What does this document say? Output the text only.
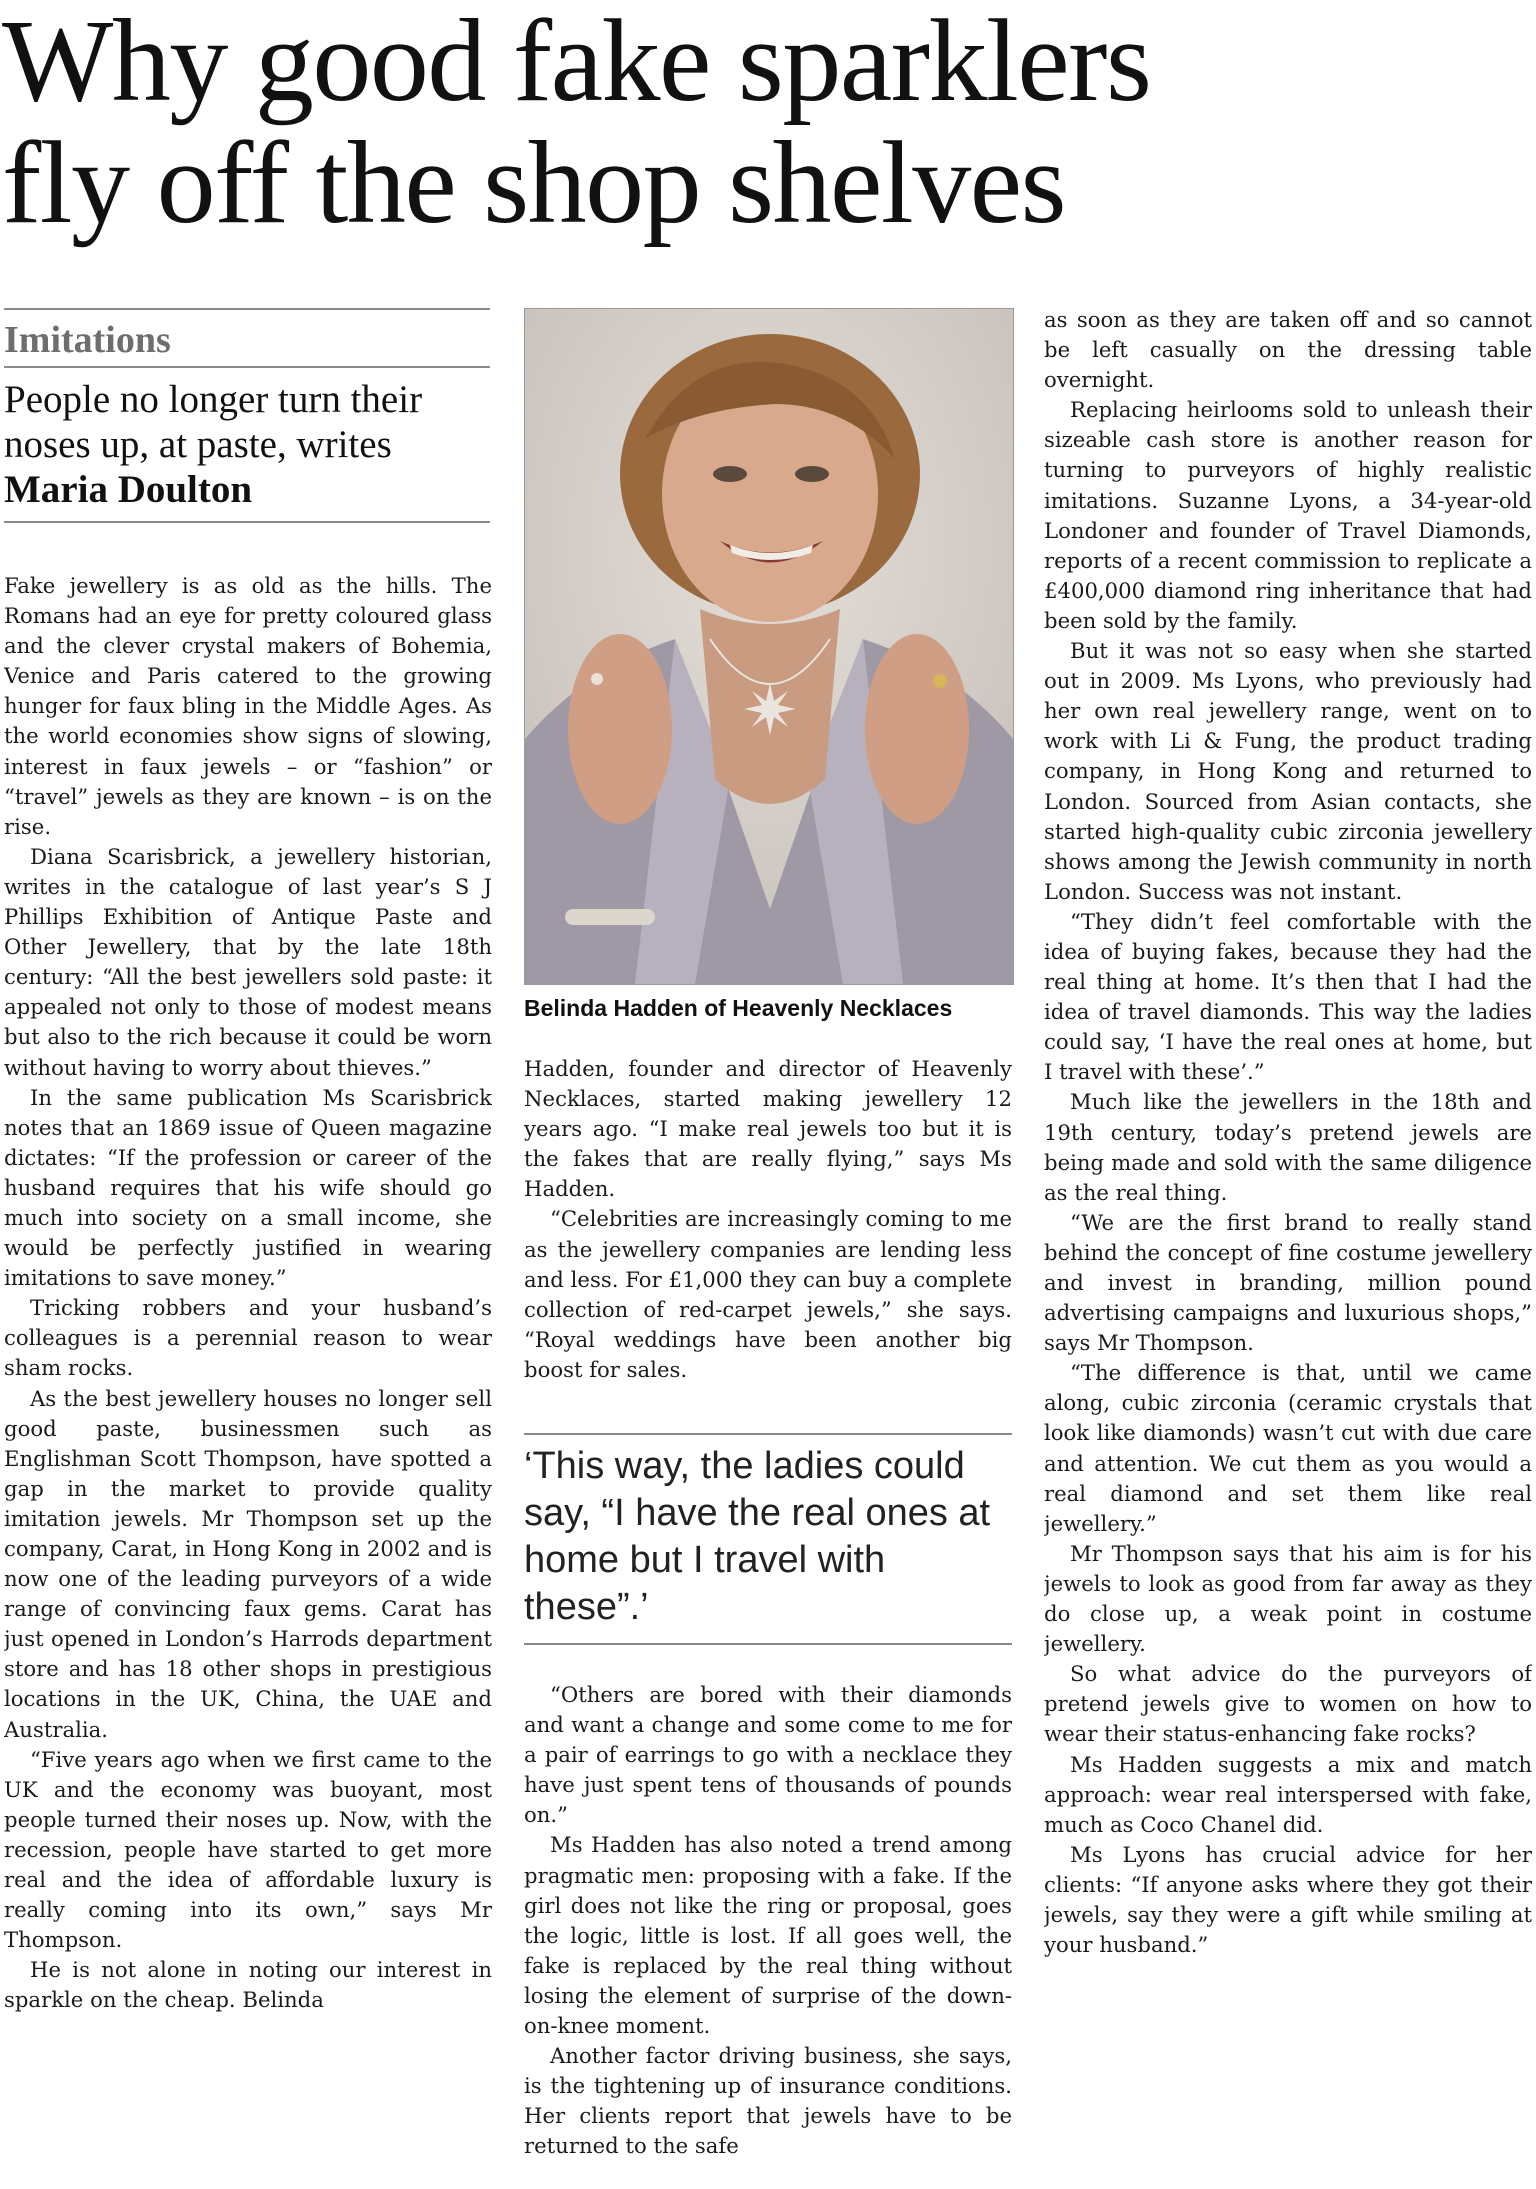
Why good fake sparklers
fly off the shop shelves
Imitations

People no longer turn their noses up, at paste, writes Maria Doulton

Fake jewellery is as old as the hills. The Romans had an eye for pretty coloured glass and the clever crystal makers of Bohemia, Venice and Paris catered to the growing hunger for faux bling in the Middle Ages. As the world economies show signs of slowing, interest in faux jewels – or “fashion” or “travel” jewels as they are known – is on the rise.

Diana Scarisbrick, a jewellery historian, writes in the catalogue of last year’s S J Phillips Exhibition of Antique Paste and Other Jewellery, that by the late 18th century: “All the best jewellers sold paste: it appealed not only to those of modest means but also to the rich because it could be worn without having to worry about thieves.”

In the same publication Ms Scarisbrick notes that an 1869 issue of Queen magazine dictates: “If the profession or career of the husband requires that his wife should go much into society on a small income, she would be perfectly justified in wearing imitations to save money.”

Tricking robbers and your husband’s colleagues is a perennial reason to wear sham rocks.

As the best jewellery houses no longer sell good paste, businessmen such as Englishman Scott Thompson, have spotted a gap in the market to provide quality imitation jewels. Mr Thompson set up the company, Carat, in Hong Kong in 2002 and is now one of the leading purveyors of a wide range of convincing faux gems. Carat has just opened in London’s Harrods department store and has 18 other shops in prestigious locations in the UK, China, the UAE and Australia.

“Five years ago when we first came to the UK and the economy was buoyant, most people turned their noses up. Now, with the recession, people have started to get more real and the idea of affordable luxury is really coming into its own,” says Mr Thompson.

He is not alone in noting our interest in sparkle on the cheap. Belinda

Belinda Hadden of Heavenly Necklaces

Hadden, founder and director of Heavenly Necklaces, started making jewellery 12 years ago. “I make real jewels too but it is the fakes that are really flying,” says Ms Hadden.

“Celebrities are increasingly coming to me as the jewellery companies are lending less and less. For £1,000 they can buy a complete collection of red-carpet jewels,” she says. “Royal weddings have been another big boost for sales.

‘This way, the ladies could say, “I have the real ones at home but I travel with these”.’

“Others are bored with their diamonds and want a change and some come to me for a pair of earrings to go with a necklace they have just spent tens of thousands of pounds on.”

Ms Hadden has also noted a trend among pragmatic men: proposing with a fake. If the girl does not like the ring or proposal, goes the logic, little is lost. If all goes well, the fake is replaced by the real thing without losing the element of surprise of the down-on-knee moment.

Another factor driving business, she says, is the tightening up of insurance conditions. Her clients report that jewels have to be returned to the safe

as soon as they are taken off and so cannot be left casually on the dressing table overnight.

Replacing heirlooms sold to unleash their sizeable cash store is another reason for turning to purveyors of highly realistic imitations. Suzanne Lyons, a 34-year-old Londoner and founder of Travel Diamonds, reports of a recent commission to replicate a £400,000 diamond ring inheritance that had been sold by the family.

But it was not so easy when she started out in 2009. Ms Lyons, who previously had her own real jewellery range, went on to work with Li & Fung, the product trading company, in Hong Kong and returned to London. Sourced from Asian contacts, she started high-quality cubic zirconia jewellery shows among the Jewish community in north London. Success was not instant.

“They didn’t feel comfortable with the idea of buying fakes, because they had the real thing at home. It’s then that I had the idea of travel diamonds. This way the ladies could say, ‘I have the real ones at home, but I travel with these’.”

Much like the jewellers in the 18th and 19th century, today’s pretend jewels are being made and sold with the same diligence as the real thing.

“We are the first brand to really stand behind the concept of fine costume jewellery and invest in branding, million pound advertising campaigns and luxurious shops,” says Mr Thompson.

“The difference is that, until we came along, cubic zirconia (ceramic crystals that look like diamonds) wasn’t cut with due care and attention. We cut them as you would a real diamond and set them like real jewellery.”

Mr Thompson says that his aim is for his jewels to look as good from far away as they do close up, a weak point in costume jewellery.

So what advice do the purveyors of pretend jewels give to women on how to wear their status-enhancing fake rocks?

Ms Hadden suggests a mix and match approach: wear real interspersed with fake, much as Coco Chanel did.

Ms Lyons has crucial advice for her clients: “If anyone asks where they got their jewels, say they were a gift while smiling at your husband.”
